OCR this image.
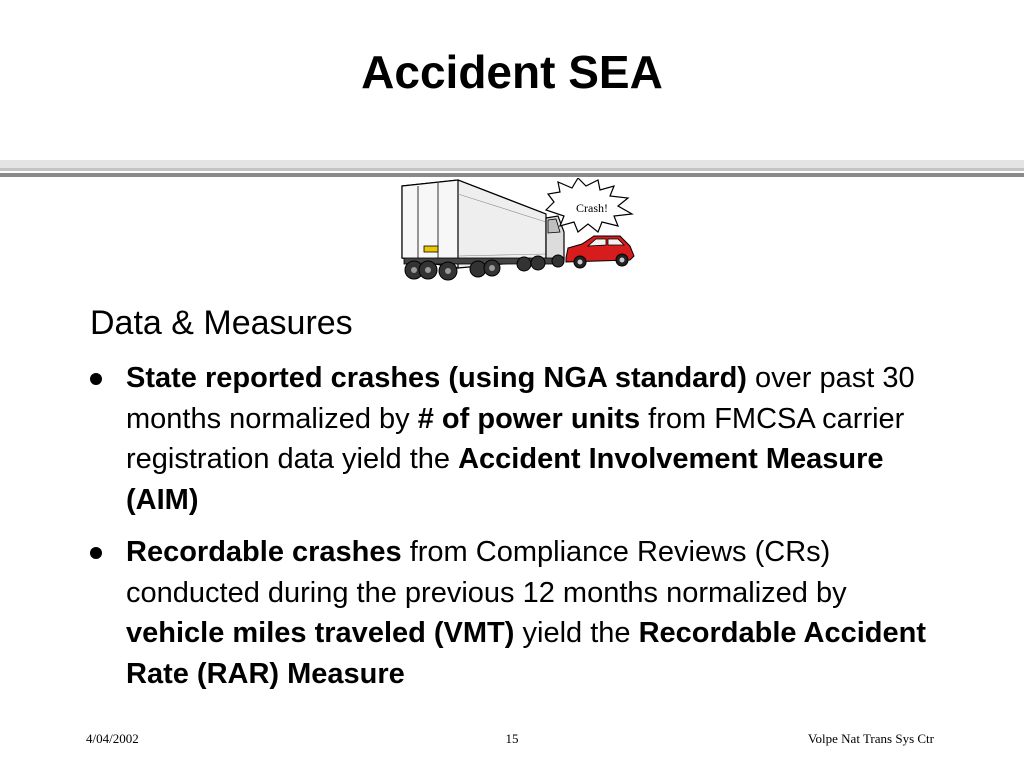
Accident SEA
Crash!
Data & Measures
State reported crashes (using NGA standard) over past 30 months normalized by # of power units from FMCSA carrier registration data yield the Accident Involvement Measure (AIM)
Recordable crashes from Compliance Reviews (CRs) conducted during the previous 12 months normalized by vehicle miles traveled (VMT) yield the Recordable Accident Rate (RAR) Measure
4/04/2002	15	Volpe Nat Trans Sys Ctr
